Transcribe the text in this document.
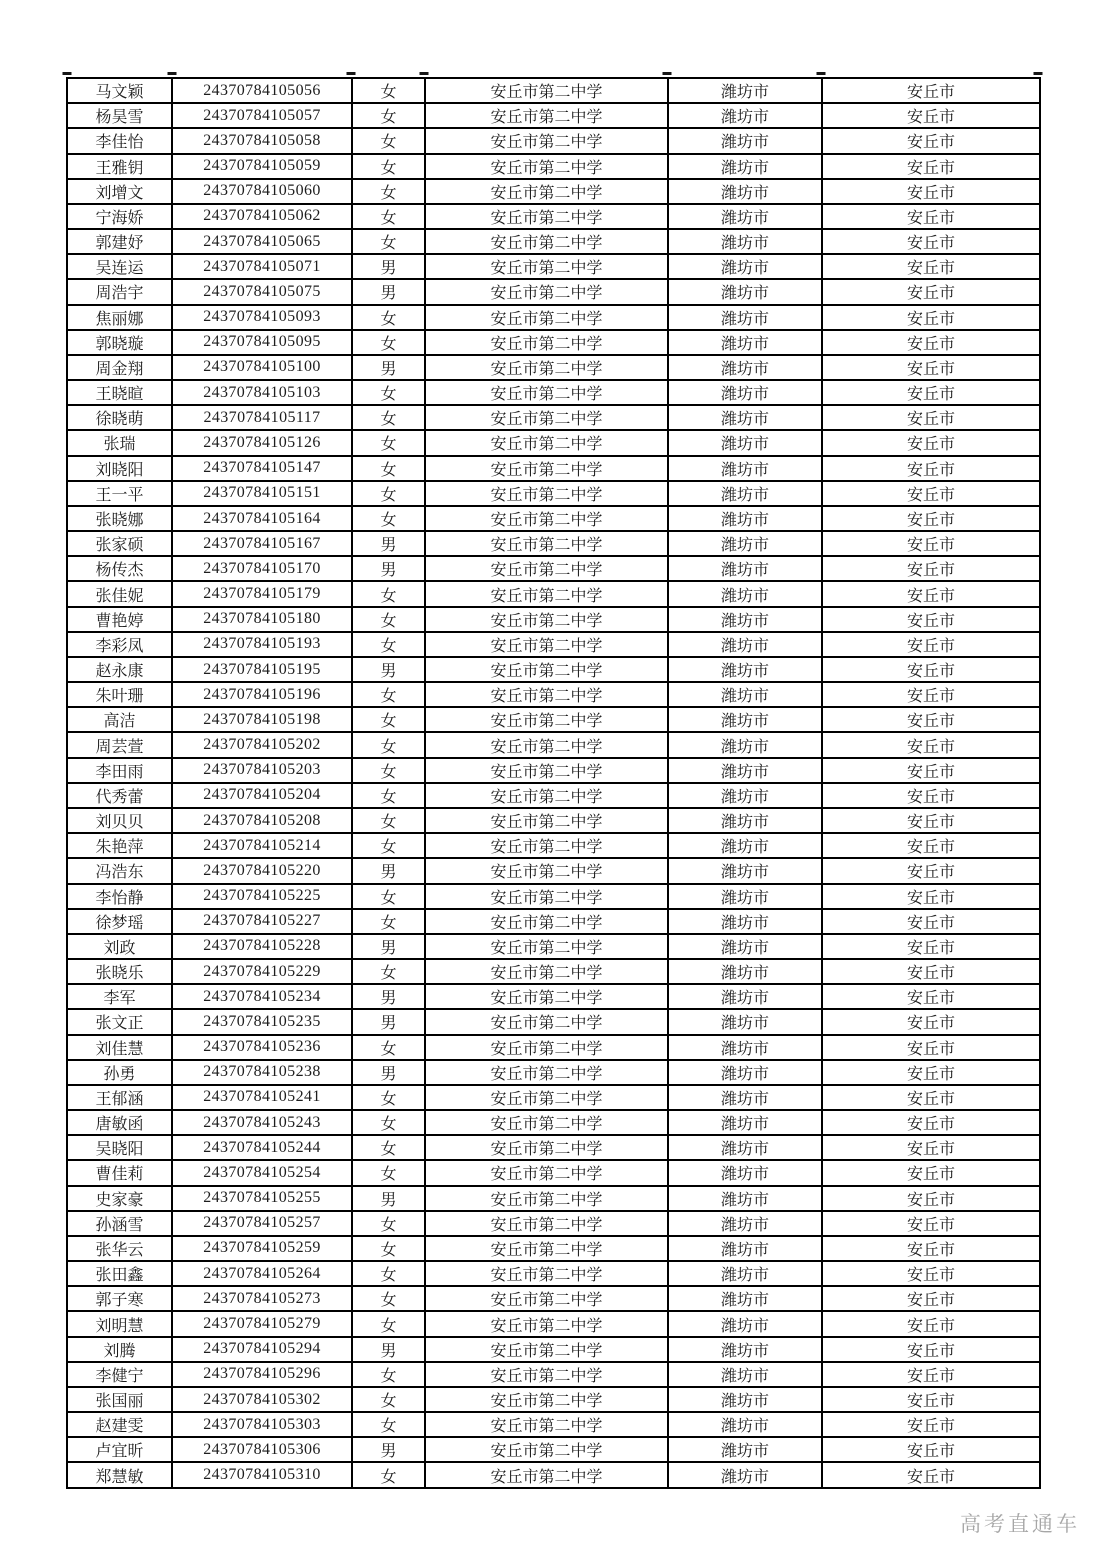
马文颖	24370784105056	女	安丘市第二中学	潍坊市	安丘市
杨昊雪	24370784105057	女	安丘市第二中学	潍坊市	安丘市
李佳怡	24370784105058	女	安丘市第二中学	潍坊市	安丘市
王雅钥	24370784105059	女	安丘市第二中学	潍坊市	安丘市
刘增文	24370784105060	女	安丘市第二中学	潍坊市	安丘市
宁海娇	24370784105062	女	安丘市第二中学	潍坊市	安丘市
郭建妤	24370784105065	女	安丘市第二中学	潍坊市	安丘市
吴连运	24370784105071	男	安丘市第二中学	潍坊市	安丘市
周浩宇	24370784105075	男	安丘市第二中学	潍坊市	安丘市
焦丽娜	24370784105093	女	安丘市第二中学	潍坊市	安丘市
郭晓璇	24370784105095	女	安丘市第二中学	潍坊市	安丘市
周金翔	24370784105100	男	安丘市第二中学	潍坊市	安丘市
王晓暄	24370784105103	女	安丘市第二中学	潍坊市	安丘市
徐晓萌	24370784105117	女	安丘市第二中学	潍坊市	安丘市
张瑞	24370784105126	女	安丘市第二中学	潍坊市	安丘市
刘晓阳	24370784105147	女	安丘市第二中学	潍坊市	安丘市
王一平	24370784105151	女	安丘市第二中学	潍坊市	安丘市
张晓娜	24370784105164	女	安丘市第二中学	潍坊市	安丘市
张家硕	24370784105167	男	安丘市第二中学	潍坊市	安丘市
杨传杰	24370784105170	男	安丘市第二中学	潍坊市	安丘市
张佳妮	24370784105179	女	安丘市第二中学	潍坊市	安丘市
曹艳婷	24370784105180	女	安丘市第二中学	潍坊市	安丘市
李彩凤	24370784105193	女	安丘市第二中学	潍坊市	安丘市
赵永康	24370784105195	男	安丘市第二中学	潍坊市	安丘市
朱叶珊	24370784105196	女	安丘市第二中学	潍坊市	安丘市
高洁	24370784105198	女	安丘市第二中学	潍坊市	安丘市
周芸萱	24370784105202	女	安丘市第二中学	潍坊市	安丘市
李田雨	24370784105203	女	安丘市第二中学	潍坊市	安丘市
代秀蕾	24370784105204	女	安丘市第二中学	潍坊市	安丘市
刘贝贝	24370784105208	女	安丘市第二中学	潍坊市	安丘市
朱艳萍	24370784105214	女	安丘市第二中学	潍坊市	安丘市
冯浩东	24370784105220	男	安丘市第二中学	潍坊市	安丘市
李怡静	24370784105225	女	安丘市第二中学	潍坊市	安丘市
徐梦瑶	24370784105227	女	安丘市第二中学	潍坊市	安丘市
刘政	24370784105228	男	安丘市第二中学	潍坊市	安丘市
张晓乐	24370784105229	女	安丘市第二中学	潍坊市	安丘市
李军	24370784105234	男	安丘市第二中学	潍坊市	安丘市
张文正	24370784105235	男	安丘市第二中学	潍坊市	安丘市
刘佳慧	24370784105236	女	安丘市第二中学	潍坊市	安丘市
孙勇	24370784105238	男	安丘市第二中学	潍坊市	安丘市
王郁涵	24370784105241	女	安丘市第二中学	潍坊市	安丘市
唐敏函	24370784105243	女	安丘市第二中学	潍坊市	安丘市
吴晓阳	24370784105244	女	安丘市第二中学	潍坊市	安丘市
曹佳莉	24370784105254	女	安丘市第二中学	潍坊市	安丘市
史家豪	24370784105255	男	安丘市第二中学	潍坊市	安丘市
孙涵雪	24370784105257	女	安丘市第二中学	潍坊市	安丘市
张华云	24370784105259	女	安丘市第二中学	潍坊市	安丘市
张田鑫	24370784105264	女	安丘市第二中学	潍坊市	安丘市
郭子寒	24370784105273	女	安丘市第二中学	潍坊市	安丘市
刘明慧	24370784105279	女	安丘市第二中学	潍坊市	安丘市
刘腾	24370784105294	男	安丘市第二中学	潍坊市	安丘市
李健宁	24370784105296	女	安丘市第二中学	潍坊市	安丘市
张国丽	24370784105302	女	安丘市第二中学	潍坊市	安丘市
赵建雯	24370784105303	女	安丘市第二中学	潍坊市	安丘市
卢宜昕	24370784105306	男	安丘市第二中学	潍坊市	安丘市
郑慧敏	24370784105310	女	安丘市第二中学	潍坊市	安丘市
高考直通车
